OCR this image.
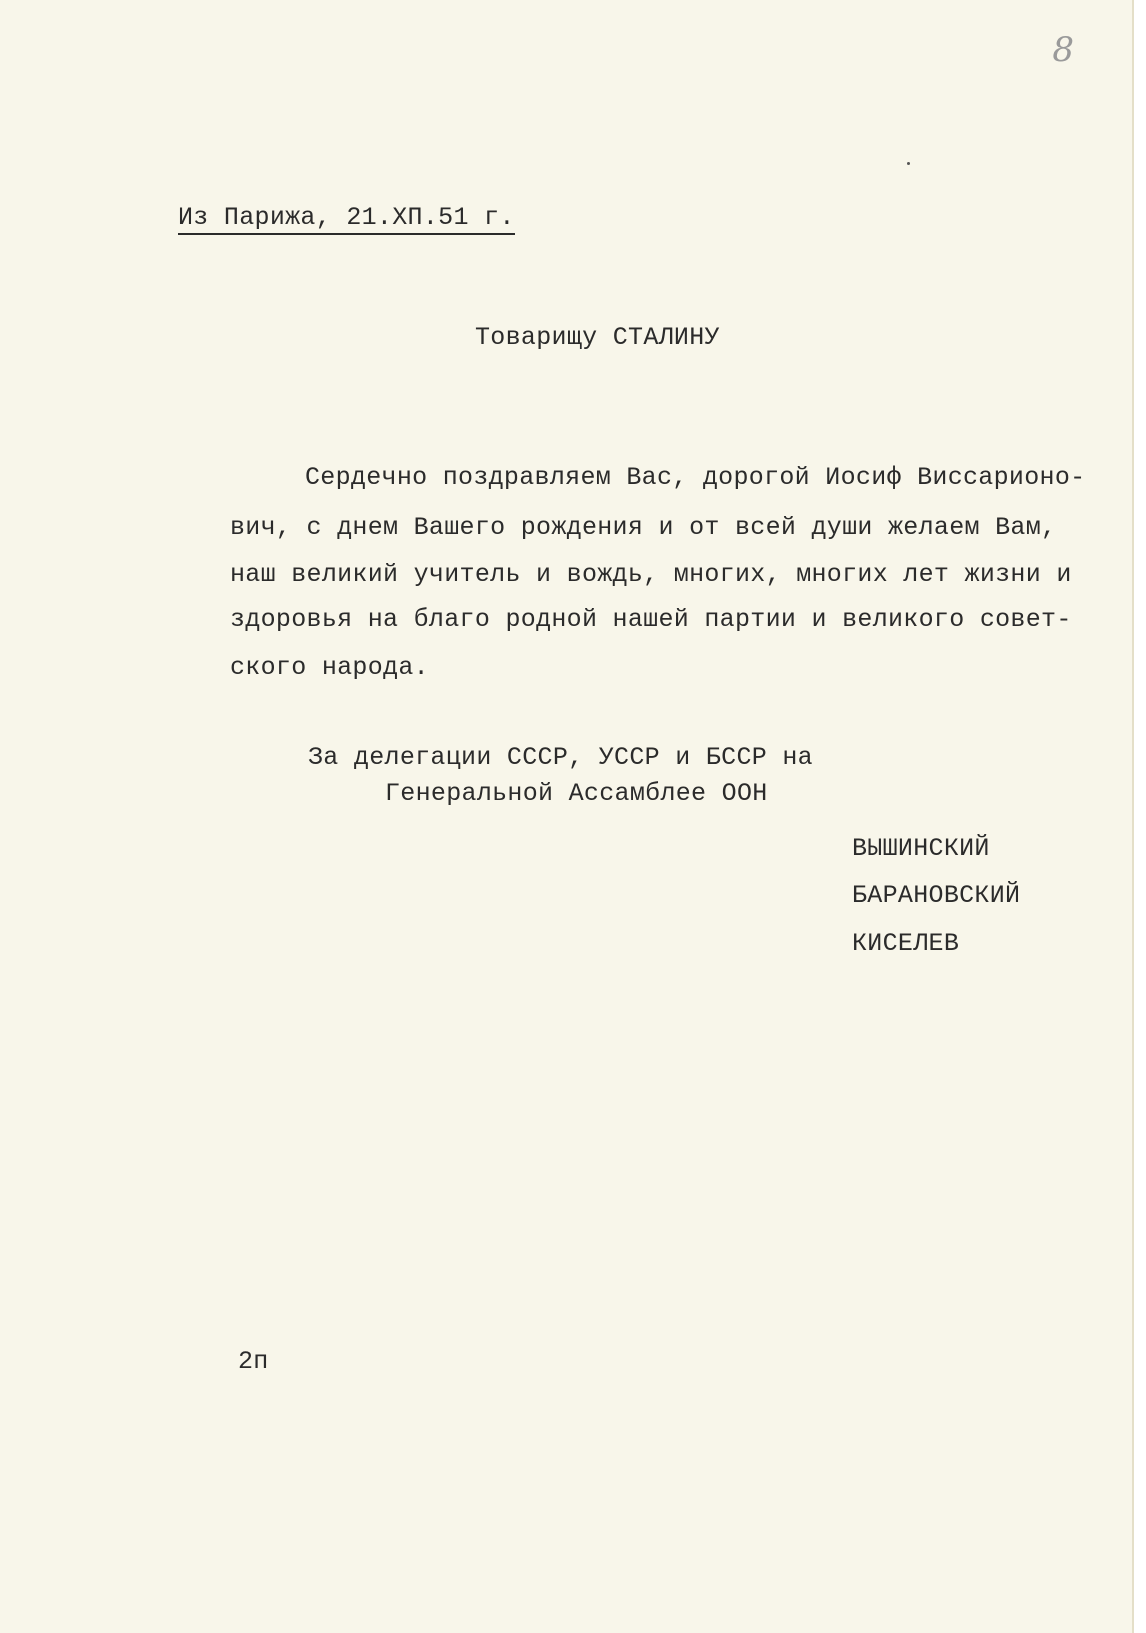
8
Из Парижа, 21.ХП.51 г.
Товарищу СТАЛИНУ
Сердечно поздравляем Вас, дорогой Иосиф Виссарионо-
вич, с днем Вашего рождения и от всей души желаем Вам,
наш великий учитель и вождь, многих, многих лет жизни и
здоровья на благо родной нашей партии и великого совет-
ского народа.
За делегации СССР, УССР и БССР на
Генеральной Ассамблее ООН
ВЫШИНСКИЙ
БАРАНОВСКИЙ
КИСЕЛЕВ
2п
